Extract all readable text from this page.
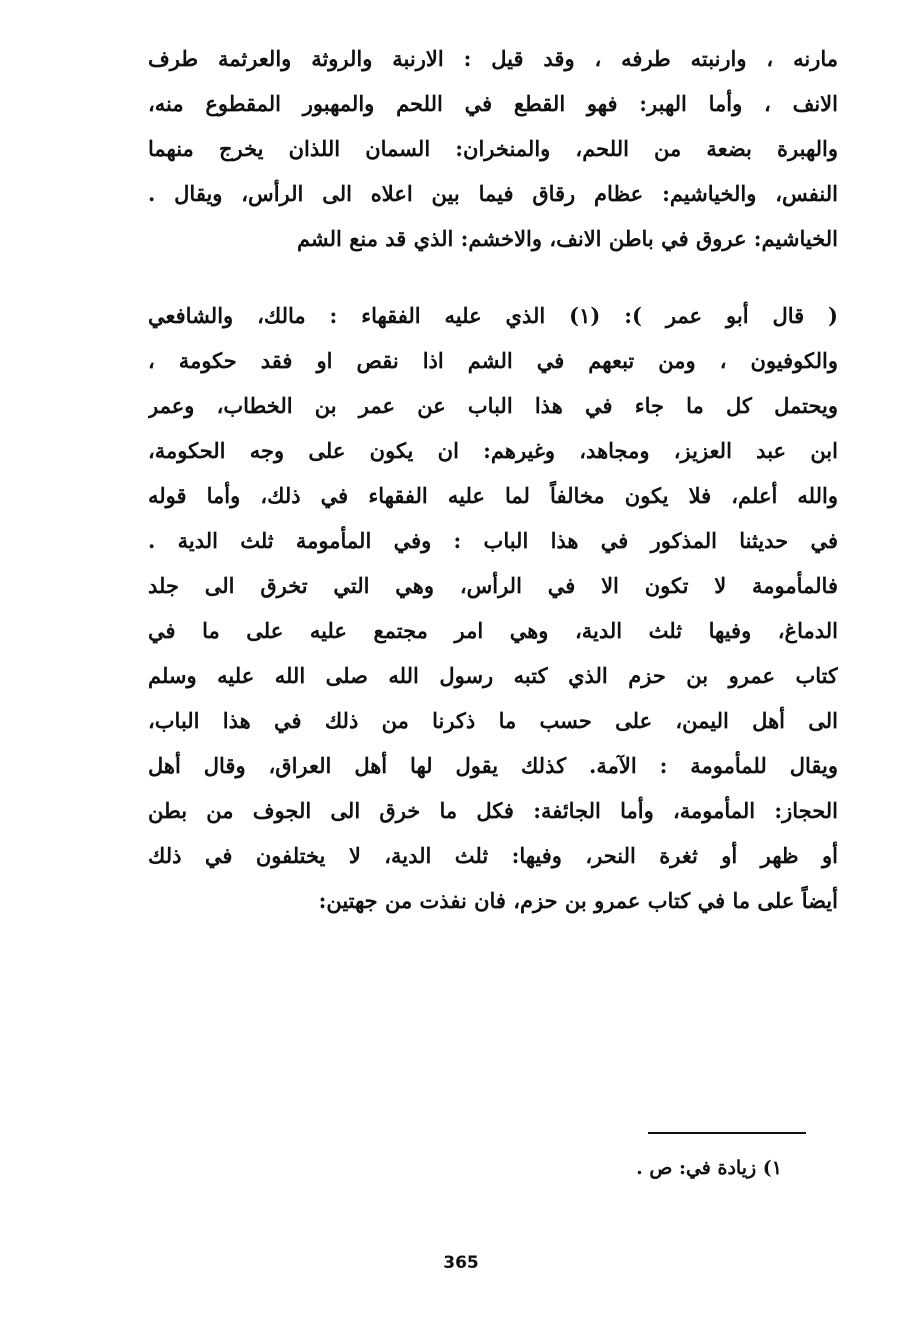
مارنه ، وارنبته طرفه ، وقد قيل : الارنبة والروثة والعرثمة طرف
الانف ، وأما الهبر: فهو القطع في اللحم والمهبور المقطوع منه،
والهبرة بضعة من اللحم، والمنخران: السمان اللذان يخرج منهما
النفس، والخياشيم: عظام رقاق فيما بين اعلاه الى الرأس، ويقال .
الخياشيم: عروق في باطن الانف، والاخشم: الذي قد منع الشم
( قال أبو عمر ): (١) الذي عليه الفقهاء : مالك، والشافعي
والكوفيون ، ومن تبعهم في الشم اذا نقص او فقد حكومة ،
ويحتمل كل ما جاء في هذا الباب عن عمر بن الخطاب، وعمر
ابن عبد العزيز، ومجاهد، وغيرهم: ان يكون على وجه الحكومة،
والله أعلم، فلا يكون مخالفاً لما عليه الفقهاء في ذلك، وأما قوله
في حديثنا المذكور في هذا الباب : وفي المأمومة ثلث الدية .
فالمأمومة لا تكون الا في الرأس، وهي التي تخرق الى جلد
الدماغ، وفيها ثلث الدية، وهي امر مجتمع عليه على ما في
كتاب عمرو بن حزم الذي كتبه رسول الله صلى الله عليه وسلم
الى أهل اليمن، على حسب ما ذكرنا من ذلك في هذا الباب،
ويقال للمأمومة : الآمة. كذلك يقول لها أهل العراق، وقال أهل
الحجاز: المأمومة، وأما الجائفة: فكل ما خرق الى الجوف من بطن
أو ظهر أو ثغرة النحر، وفيها: ثلث الدية، لا يختلفون في ذلك
أيضاً على ما في كتاب عمرو بن حزم، فان نفذت من جهتين:
١) زيادة في: ص .
365
